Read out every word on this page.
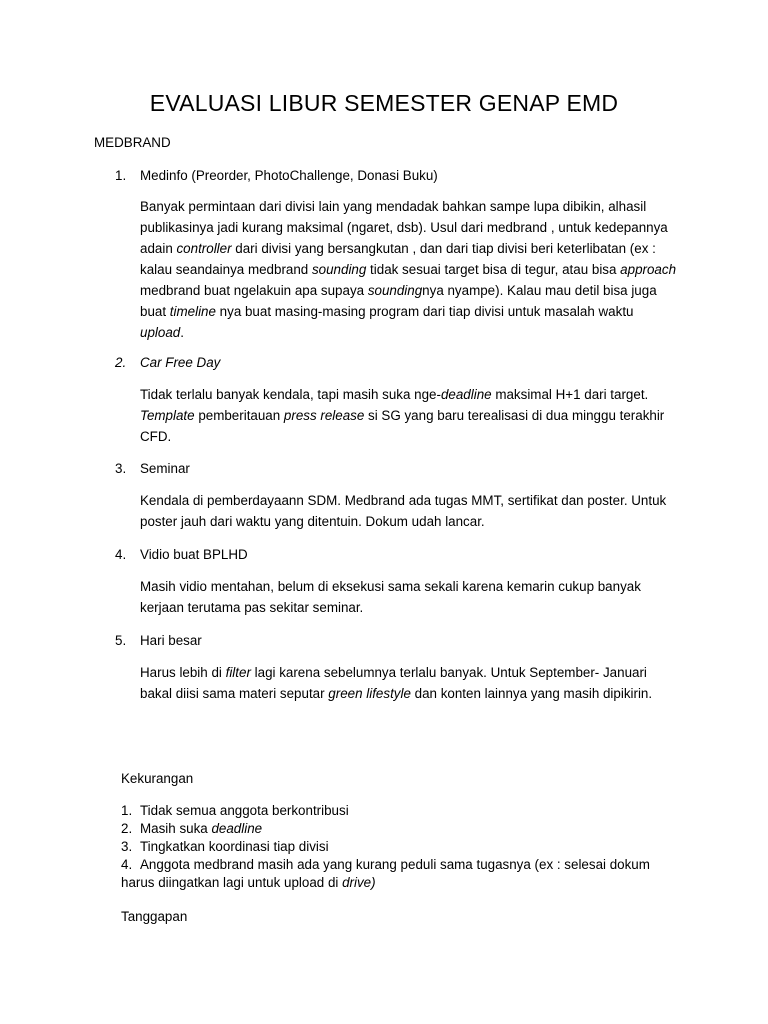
EVALUASI LIBUR SEMESTER GENAP EMD
MEDBRAND
1. Medinfo (Preorder, PhotoChallenge, Donasi Buku)

Banyak permintaan dari divisi lain yang mendadak bahkan sampe lupa dibikin, alhasil publikasinya jadi kurang maksimal (ngaret, dsb). Usul dari medbrand , untuk kedepannya adain controller dari divisi yang bersangkutan , dan dari tiap divisi beri keterlibatan (ex : kalau seandainya medbrand sounding tidak sesuai target bisa di tegur, atau bisa approach medbrand buat ngelakuin apa supaya soundingnya nyampe). Kalau mau detil bisa juga buat timeline nya buat masing-masing program dari tiap divisi untuk masalah waktu upload.

2. Car Free Day

Tidak terlalu banyak kendala, tapi masih suka nge-deadline maksimal H+1 dari target. Template pemberitauan press release si SG yang baru terealisasi di dua minggu terakhir CFD.

3. Seminar

Kendala di pemberdayaann SDM. Medbrand ada tugas MMT, sertifikat dan poster. Untuk poster jauh dari waktu yang ditentuin. Dokum udah lancar.

4. Vidio buat BPLHD

Masih vidio mentahan, belum di eksekusi sama sekali karena kemarin cukup banyak kerjaan terutama pas sekitar seminar.

5. Hari besar

Harus lebih di filter lagi karena sebelumnya terlalu banyak. Untuk September- Januari bakal diisi sama materi seputar green lifestyle dan konten lainnya yang masih dipikirin.

Kekurangan
1. Tidak semua anggota berkontribusi
2. Masih suka deadline
3. Tingkatkan koordinasi tiap divisi
4. Anggota medbrand masih ada yang kurang peduli sama tugasnya (ex : selesai dokum harus diingatkan lagi untuk upload di drive)
Tanggapan
